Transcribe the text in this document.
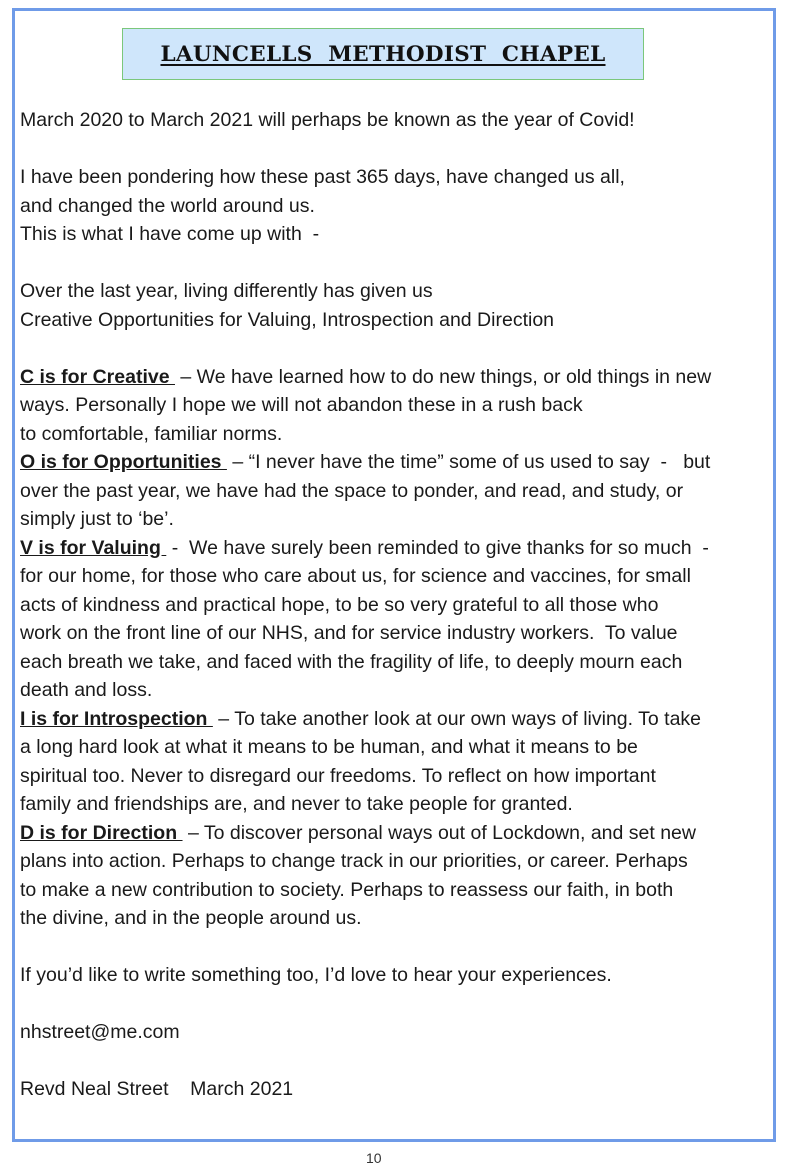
LAUNCELLS  METHODIST  CHAPEL
March 2020 to March 2021 will perhaps be known as the year of Covid!
I have been pondering how these past 365 days, have changed us all,
and changed the world around us.
This is what I have come up with  -
Over the last year, living differently has given us
Creative Opportunities for Valuing, Introspection and Direction
C is for Creative  – We have learned how to do new things, or old things in new
ways. Personally I hope we will not abandon these in a rush back
to comfortable, familiar norms.
O is for Opportunities  – “I never have the time” some of us used to say  -   but
over the past year, we have had the space to ponder, and read, and study, or
simply just to ‘be’.
V is for Valuing  -  We have surely been reminded to give thanks for so much  -
for our home, for those who care about us, for science and vaccines, for small
acts of kindness and practical hope, to be so very grateful to all those who
work on the front line of our NHS, and for service industry workers.  To value
each breath we take, and faced with the fragility of life, to deeply mourn each
death and loss.
I is for Introspection  – To take another look at our own ways of living. To take
a long hard look at what it means to be human, and what it means to be
spiritual too. Never to disregard our freedoms. To reflect on how important
family and friendships are, and never to take people for granted.
D is for Direction  – To discover personal ways out of Lockdown, and set new
plans into action. Perhaps to change track in our priorities, or career. Perhaps
to make a new contribution to society. Perhaps to reassess our faith, in both
the divine, and in the people around us.
If you’d like to write something too, I’d love to hear your experiences.
nhstreet@me.com
Revd Neal Street    March 2021
10
